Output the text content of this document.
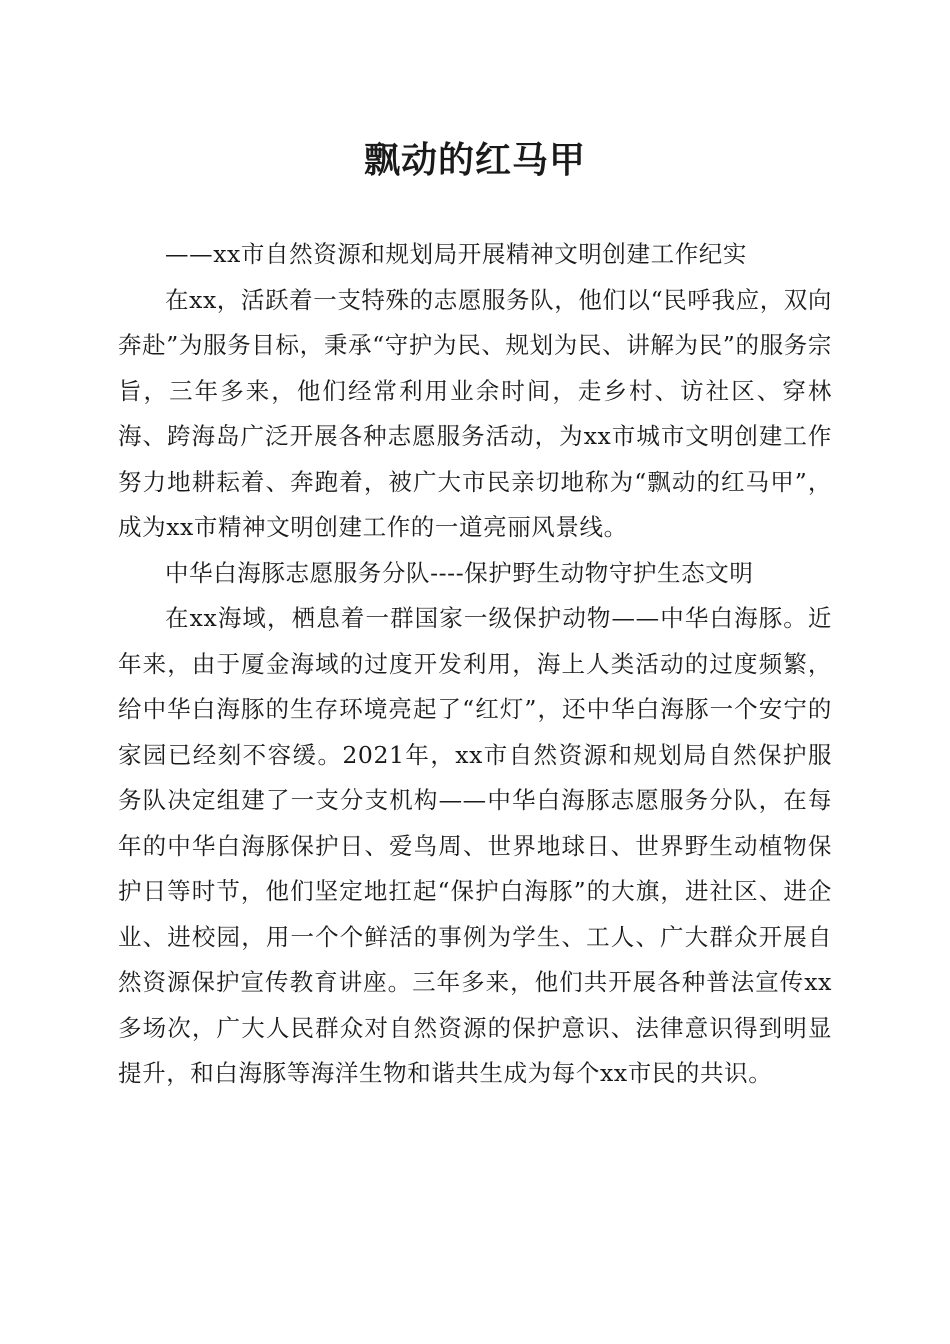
飘动的红马甲

——xx市自然资源和规划局开展精神文明创建工作纪实

在xx，活跃着一支特殊的志愿服务队，他们以“民呼我应，双向奔赴”为服务目标，秉承“守护为民、规划为民、讲解为民”的服务宗旨，三年多来，他们经常利用业余时间，走乡村、访社区、穿林海、跨海岛广泛开展各种志愿服务活动，为xx市城市文明创建工作努力地耕耘着、奔跑着，被广大市民亲切地称为“飘动的红马甲”，成为xx市精神文明创建工作的一道亮丽风景线。

中华白海豚志愿服务分队----保护野生动物守护生态文明

在xx海域，栖息着一群国家一级保护动物——中华白海豚。近年来，由于厦金海域的过度开发利用，海上人类活动的过度频繁，给中华白海豚的生存环境亮起了“红灯”，还中华白海豚一个安宁的家园已经刻不容缓。2021年，xx市自然资源和规划局自然保护服务队决定组建了一支分支机构——中华白海豚志愿服务分队，在每年的中华白海豚保护日、爱鸟周、世界地球日、世界野生动植物保护日等时节，他们坚定地扛起“保护白海豚”的大旗，进社区、进企业、进校园，用一个个鲜活的事例为学生、工人、广大群众开展自然资源保护宣传教育讲座。三年多来，他们共开展各种普法宣传xx多场次，广大人民群众对自然资源的保护意识、法律意识得到明显提升，和白海豚等海洋生物和谐共生成为每个xx市民的共识。
